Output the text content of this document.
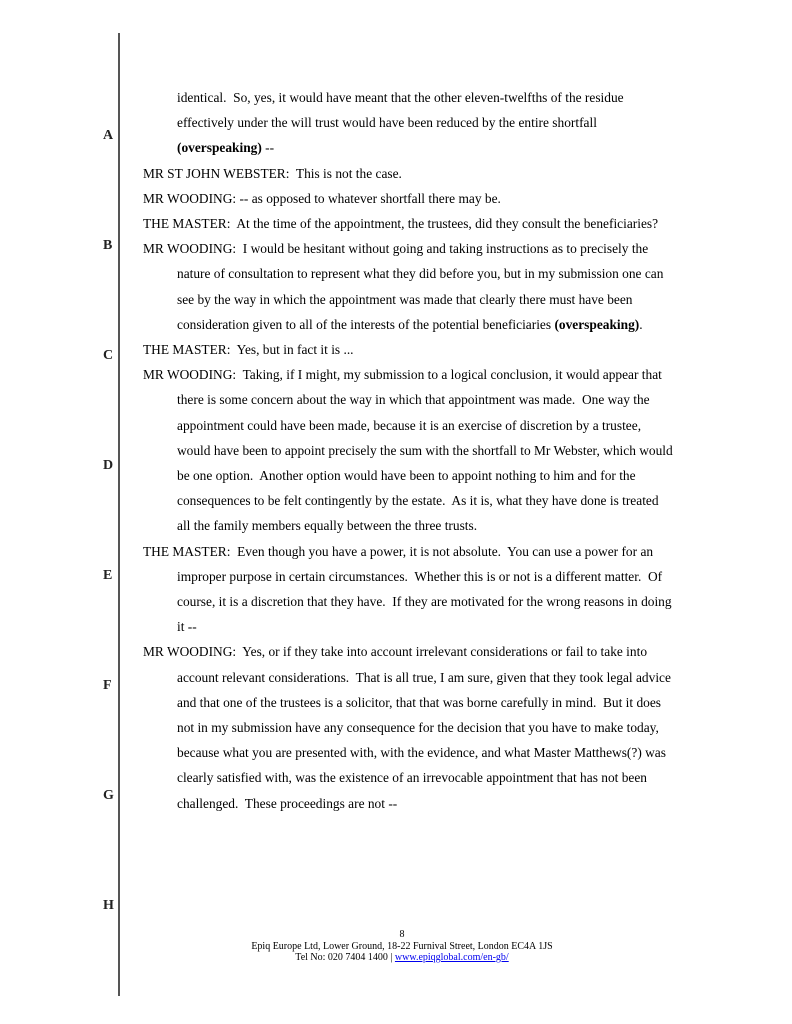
A
B
C
D
E
F
G
H
identical.  So, yes, it would have meant that the other eleven-twelfths of the residue effectively under the will trust would have been reduced by the entire shortfall (overspeaking) --
MR ST JOHN WEBSTER:  This is not the case.
MR WOODING: -- as opposed to whatever shortfall there may be.
THE MASTER:  At the time of the appointment, the trustees, did they consult the beneficiaries?
MR WOODING:  I would be hesitant without going and taking instructions as to precisely the nature of consultation to represent what they did before you, but in my submission one can see by the way in which the appointment was made that clearly there must have been consideration given to all of the interests of the potential beneficiaries (overspeaking).
THE MASTER:  Yes, but in fact it is ...
MR WOODING:  Taking, if I might, my submission to a logical conclusion, it would appear that there is some concern about the way in which that appointment was made.  One way the appointment could have been made, because it is an exercise of discretion by a trustee, would have been to appoint precisely the sum with the shortfall to Mr Webster, which would be one option.  Another option would have been to appoint nothing to him and for the consequences to be felt contingently by the estate.  As it is, what they have done is treated all the family members equally between the three trusts.
THE MASTER:  Even though you have a power, it is not absolute.  You can use a power for an improper purpose in certain circumstances.  Whether this is or not is a different matter.  Of course, it is a discretion that they have.  If they are motivated for the wrong reasons in doing it --
MR WOODING:  Yes, or if they take into account irrelevant considerations or fail to take into account relevant considerations.  That is all true, I am sure, given that they took legal advice and that one of the trustees is a solicitor, that that was borne carefully in mind.  But it does not in my submission have any consequence for the decision that you have to make today, because what you are presented with, with the evidence, and what Master Matthews(?) was clearly satisfied with, was the existence of an irrevocable appointment that has not been challenged.  These proceedings are not --
8
Epiq Europe Ltd, Lower Ground, 18-22 Furnival Street, London EC4A 1JS
Tel No: 020 7404 1400 | www.epiqglobal.com/en-gb/
